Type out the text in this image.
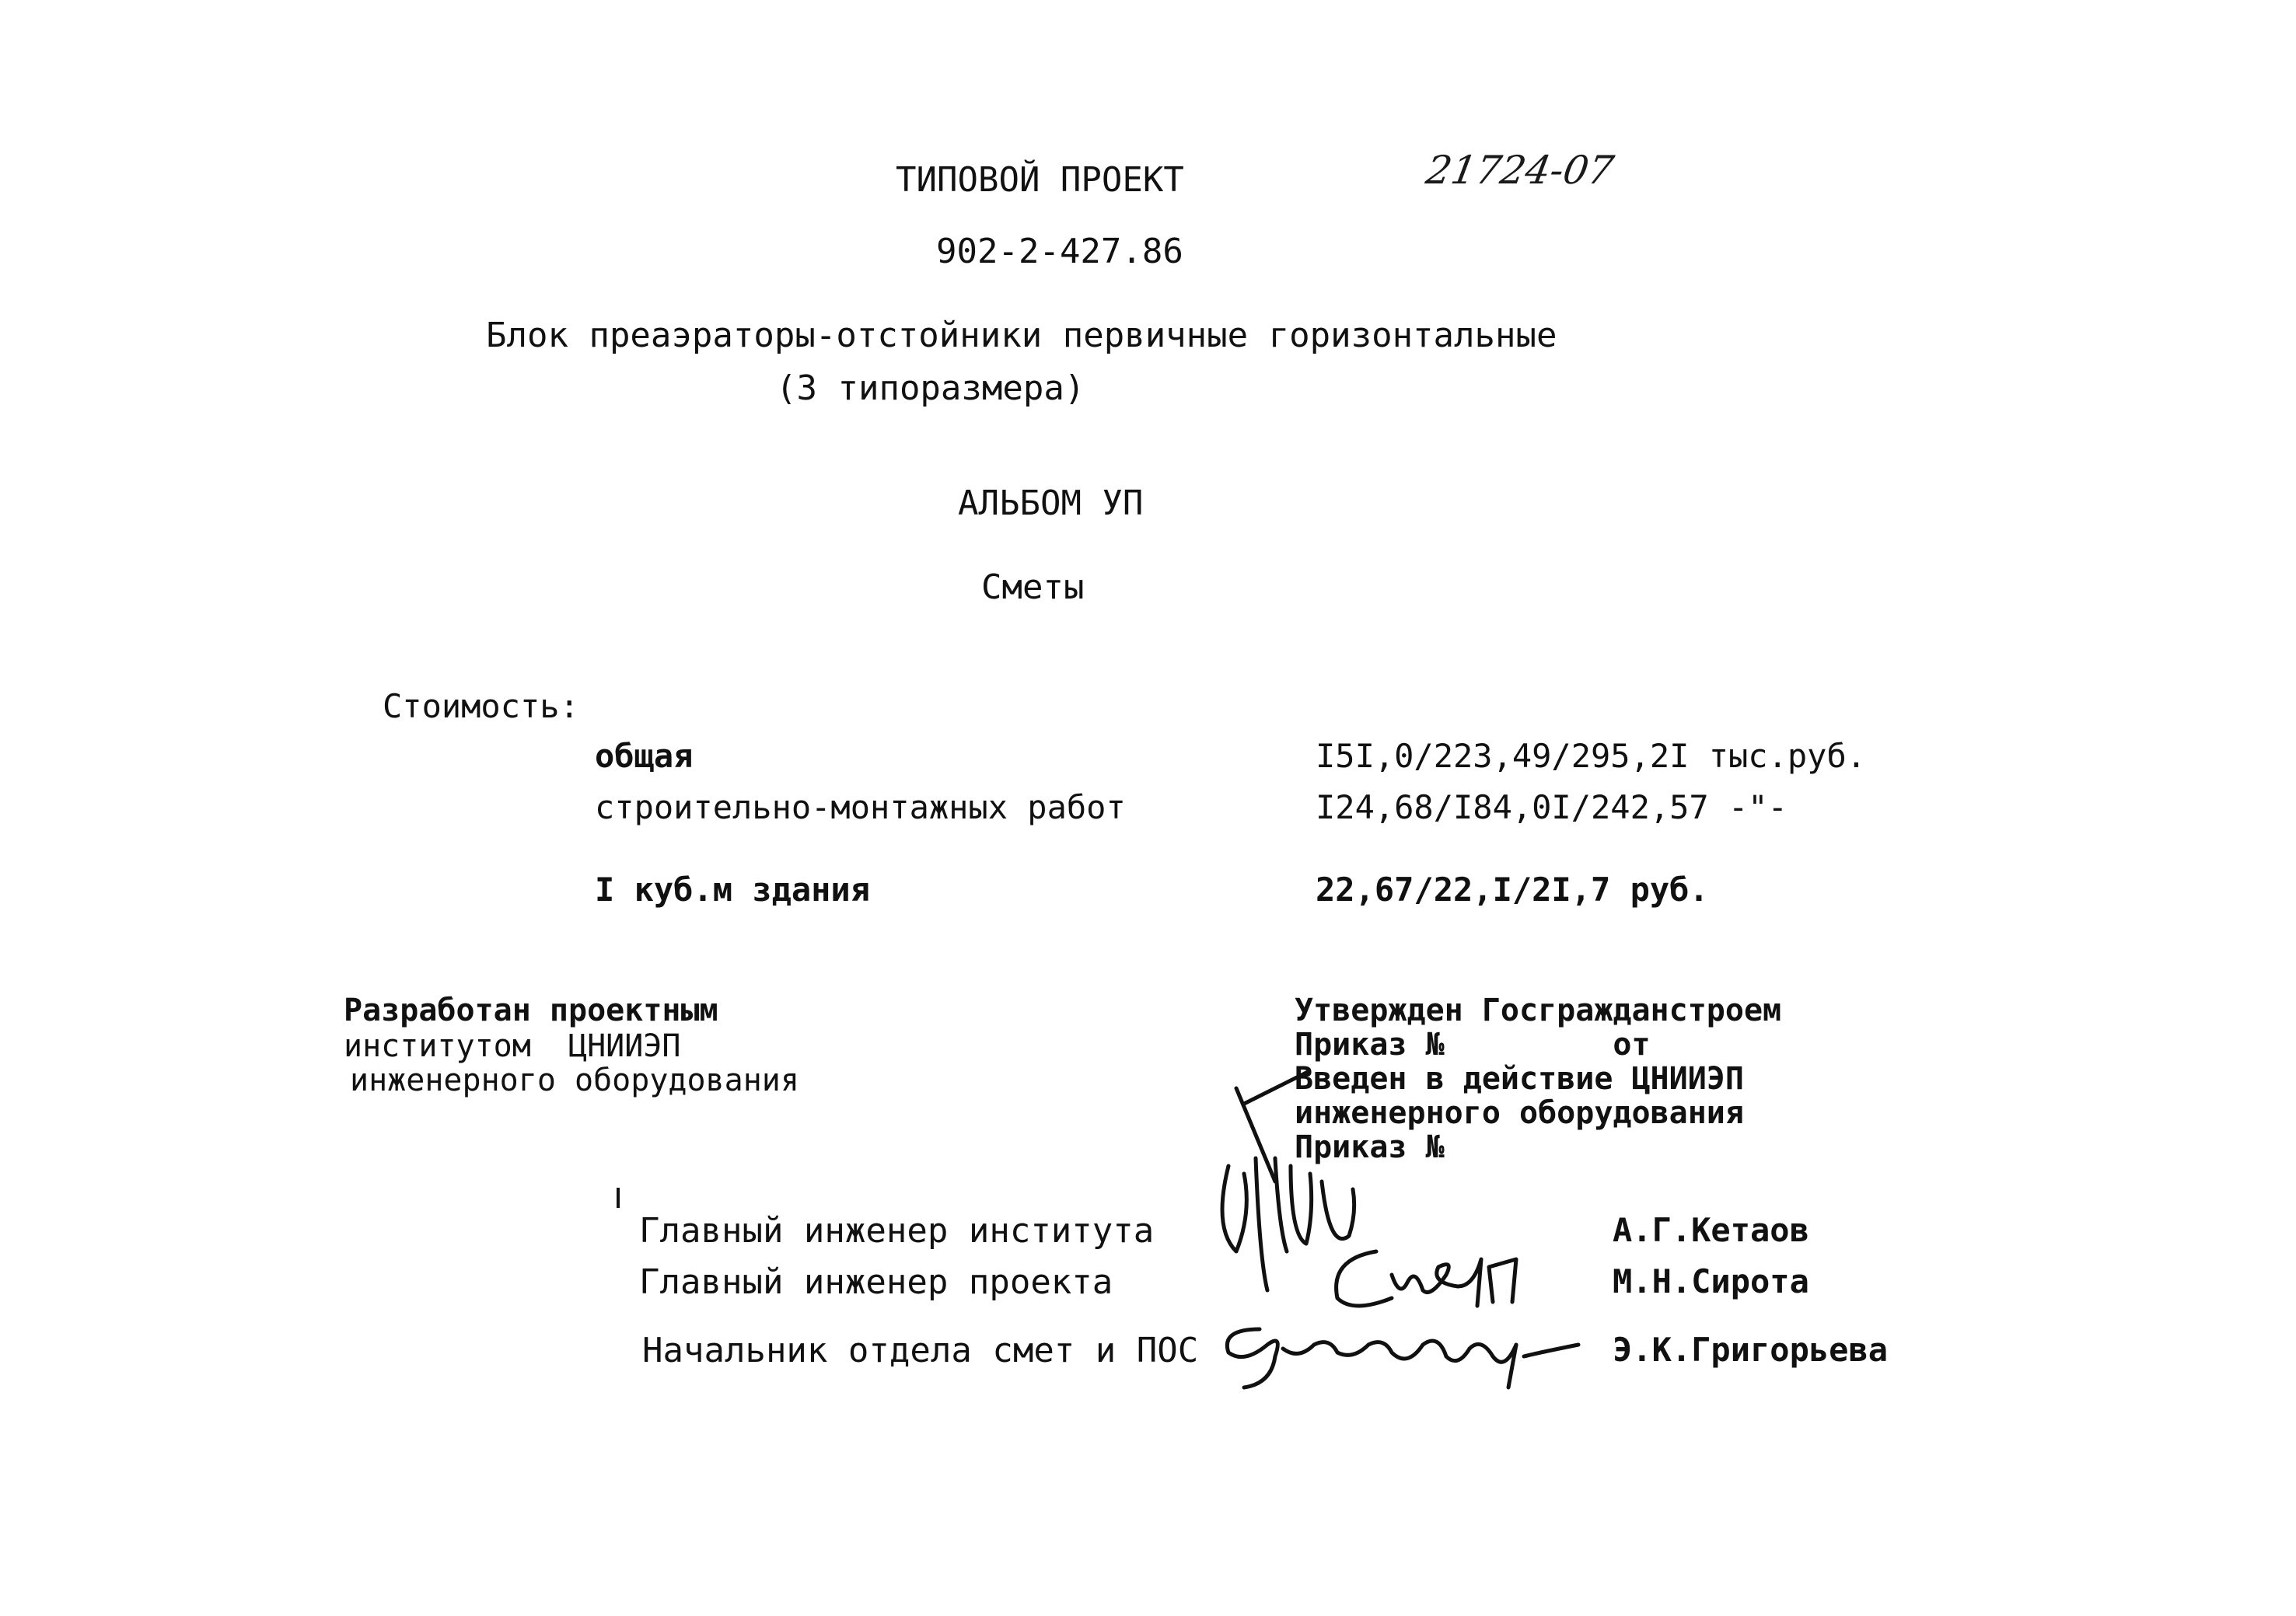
ТИПОВОЙ ПРОЕКТ	21724-07
902-2-427.86
Блок преаэраторы-отстойники первичные горизонтальные
(3 типоразмера)
АЛЬБОМ УП
Сметы
Стоимость:
общая	I5I,0/223,49/295,2I тыс.руб.
строительно-монтажных работ	I24,68/I84,0I/242,57 -"-
I куб.м здания	22,67/22,I/2I,7 руб.
Разработан проектным
институтом  ЦНИИЭП
инженерного оборудования
Утвержден Госгражданстроем
Приказ №         от
Введен в действие ЦНИИЭП
инженерного оборудования
Приказ №
Главный инженер института	А.Г.Кетаов
Главный инженер проекта	М.Н.Сирота
Начальник отдела смет и ПОС	Э.К.Григорьева
